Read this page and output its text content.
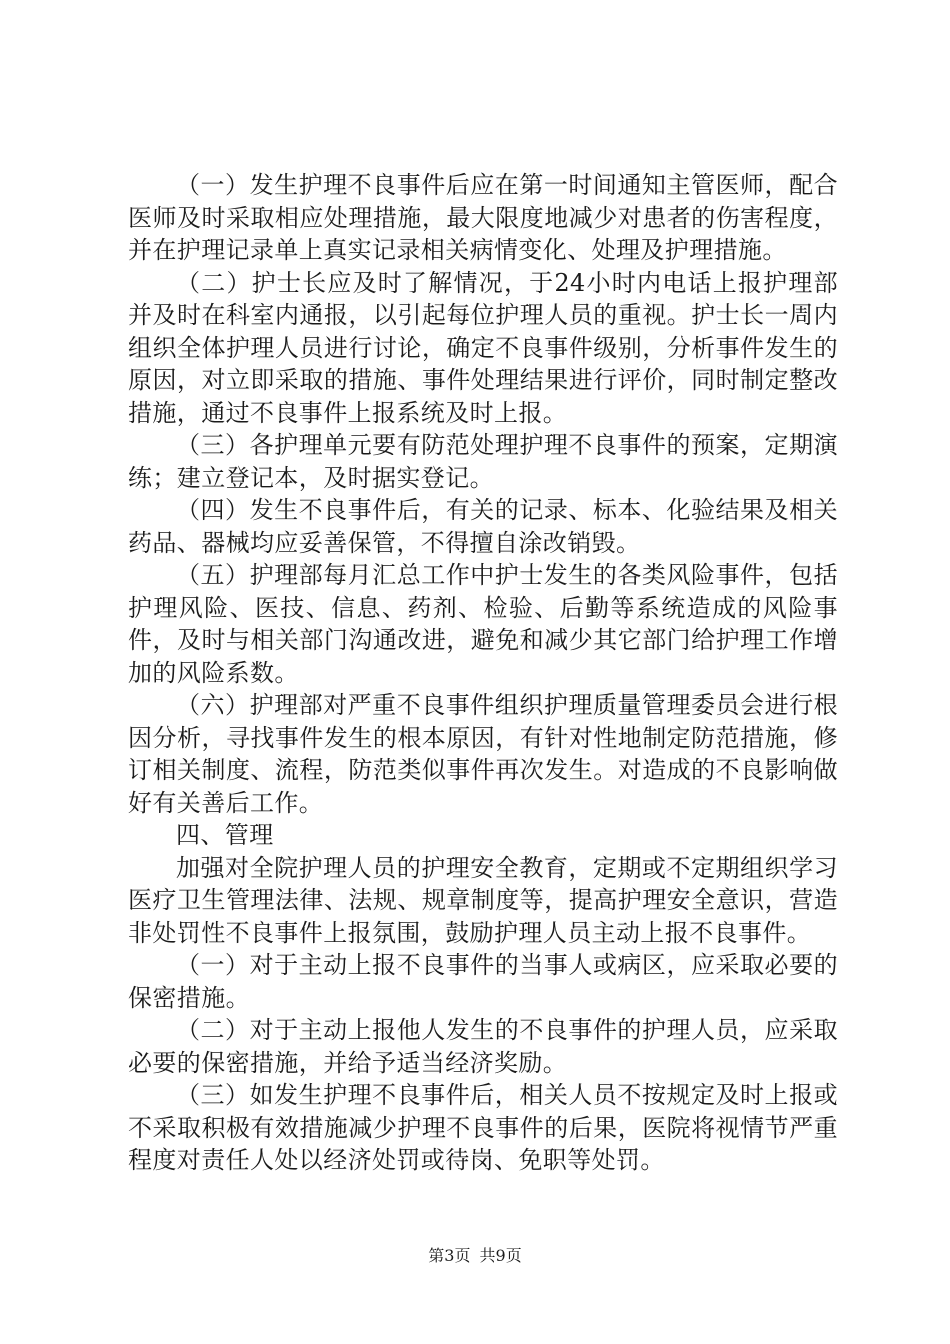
（一）发生护理不良事件后应在第一时间通知主管医师，配合医师及时采取相应处理措施，最大限度地减少对患者的伤害程度，并在护理记录单上真实记录相关病情变化、处理及护理措施。

（二）护士长应及时了解情况，于24小时内电话上报护理部并及时在科室内通报，以引起每位护理人员的重视。护士长一周内组织全体护理人员进行讨论，确定不良事件级别，分析事件发生的原因，对立即采取的措施、事件处理结果进行评价，同时制定整改措施，通过不良事件上报系统及时上报。

（三）各护理单元要有防范处理护理不良事件的预案，定期演练；建立登记本，及时据实登记。

（四）发生不良事件后，有关的记录、标本、化验结果及相关药品、器械均应妥善保管，不得擅自涂改销毁。

（五）护理部每月汇总工作中护士发生的各类风险事件，包括护理风险、医技、信息、药剂、检验、后勤等系统造成的风险事件，及时与相关部门沟通改进，避免和减少其它部门给护理工作增加的风险系数。

（六）护理部对严重不良事件组织护理质量管理委员会进行根因分析，寻找事件发生的根本原因，有针对性地制定防范措施，修订相关制度、流程，防范类似事件再次发生。对造成的不良影响做好有关善后工作。

四、管理

加强对全院护理人员的护理安全教育，定期或不定期组织学习医疗卫生管理法律、法规、规章制度等，提高护理安全意识，营造非处罚性不良事件上报氛围，鼓励护理人员主动上报不良事件。

（一）对于主动上报不良事件的当事人或病区，应采取必要的保密措施。

（二）对于主动上报他人发生的不良事件的护理人员，应采取必要的保密措施，并给予适当经济奖励。

（三）如发生护理不良事件后，相关人员不按规定及时上报或不采取积极有效措施减少护理不良事件的后果，医院将视情节严重程度对责任人处以经济处罚或待岗、免职等处罚。

第3页 共9页
